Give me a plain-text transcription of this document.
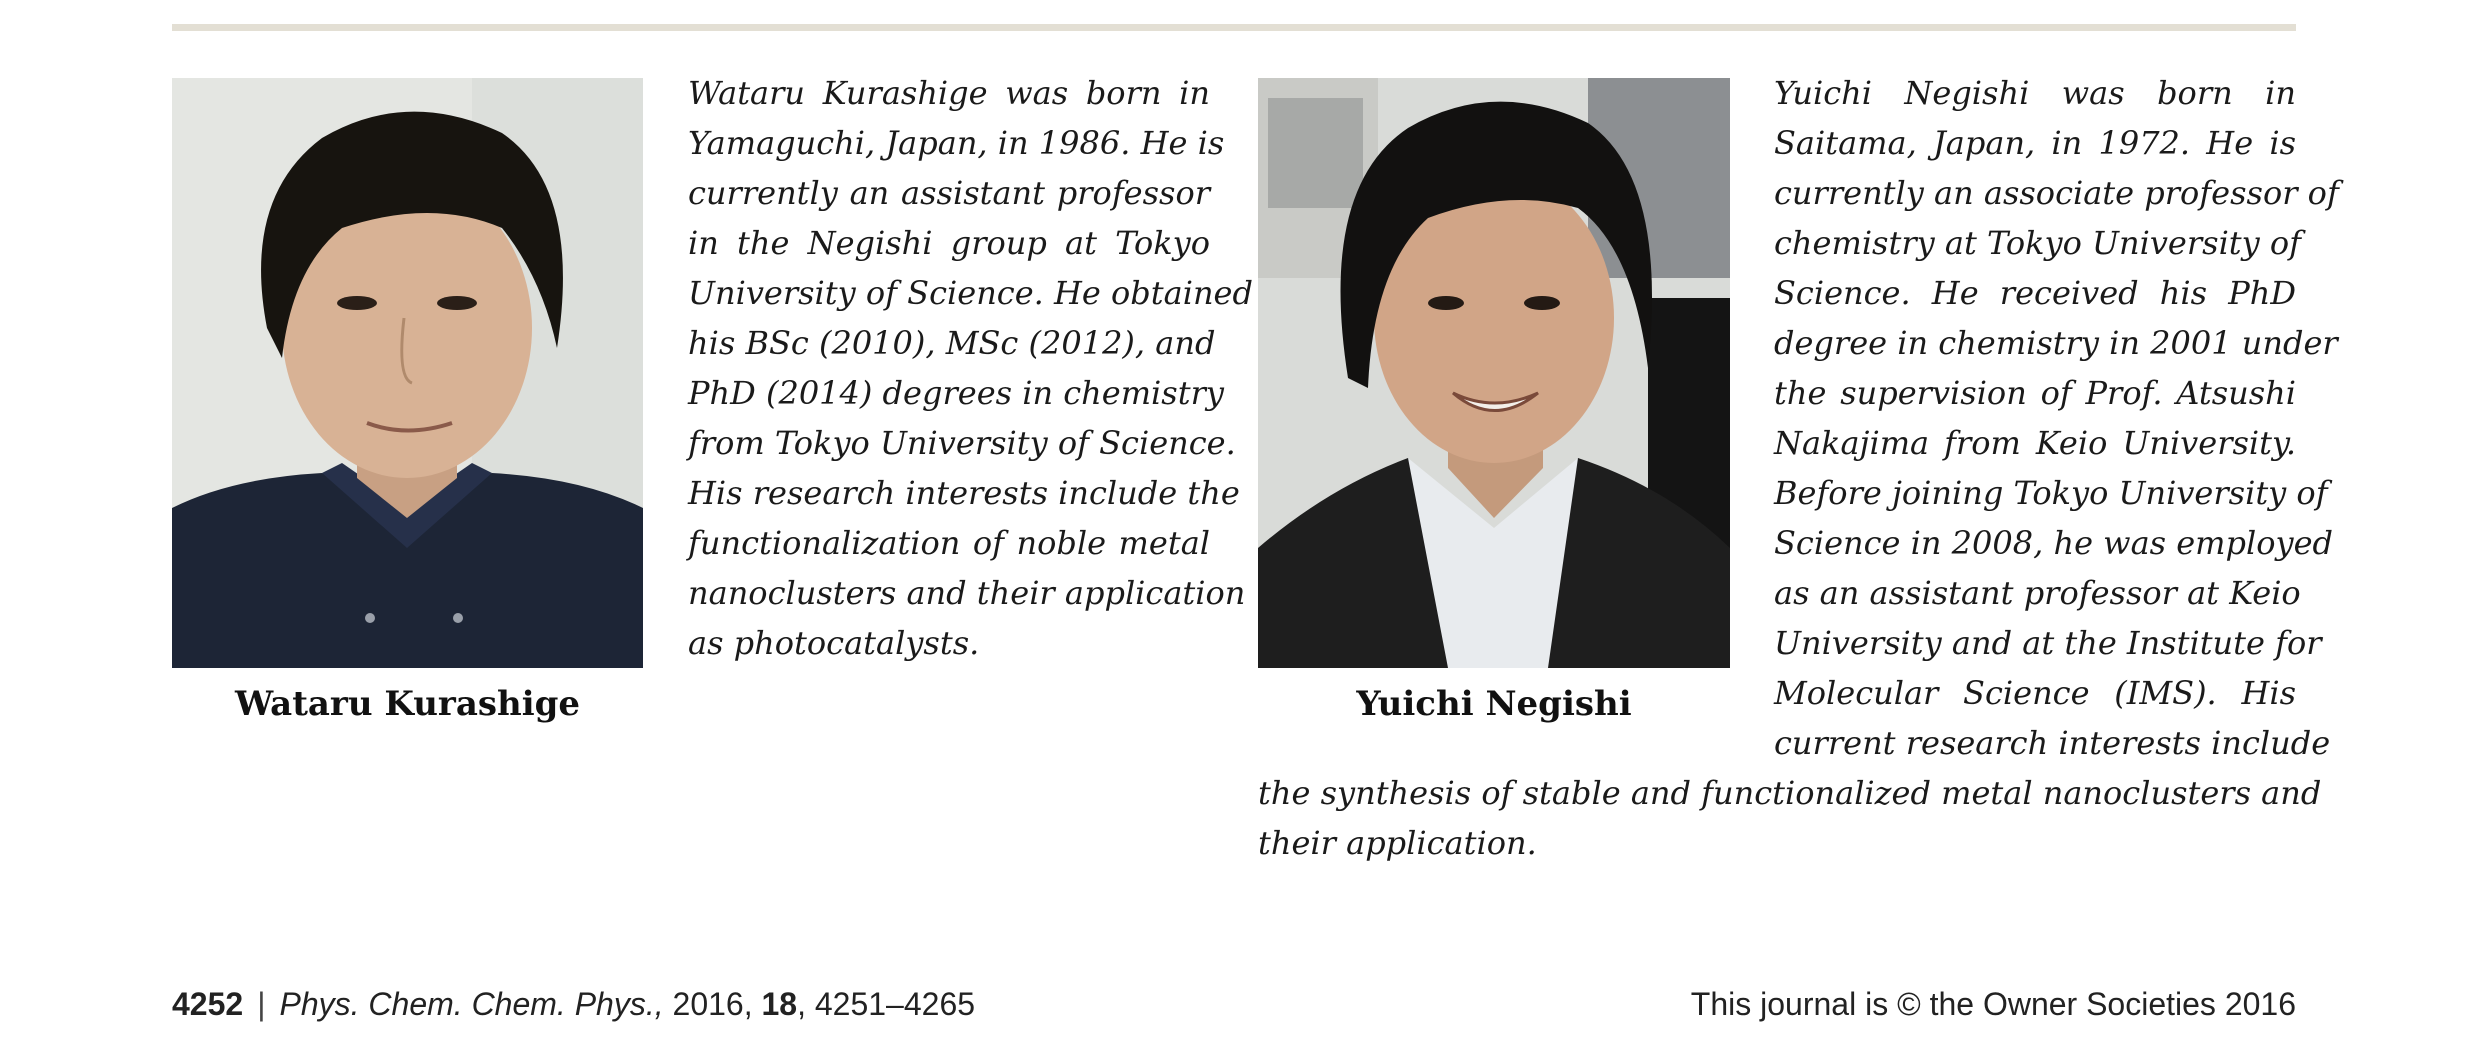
Wataru Kurashige	Yuichi Negishi
Wataru Kurashige was born in
Yamaguchi, Japan, in 1986. He is
currently an assistant professor
in the Negishi group at Tokyo
University of Science. He obtained
his BSc (2010), MSc (2012), and
PhD (2014) degrees in chemistry
from Tokyo University of Science.
His research interests include the
functionalization of noble metal
nanoclusters and their application
as photocatalysts.
Yuichi Negishi was born in
Saitama, Japan, in 1972. He is
currently an associate professor of
chemistry at Tokyo University of
Science. He received his PhD
degree in chemistry in 2001 under
the supervision of Prof. Atsushi
Nakajima from Keio University.
Before joining Tokyo University of
Science in 2008, he was employed
as an assistant professor at Keio
University and at the Institute for
Molecular Science (IMS). His
current research interests include
the synthesis of stable and functionalized metal nanoclusters and
their application.
4252 | Phys. Chem. Chem. Phys., 2016, 18, 4251–4265	This journal is © the Owner Societies 2016
